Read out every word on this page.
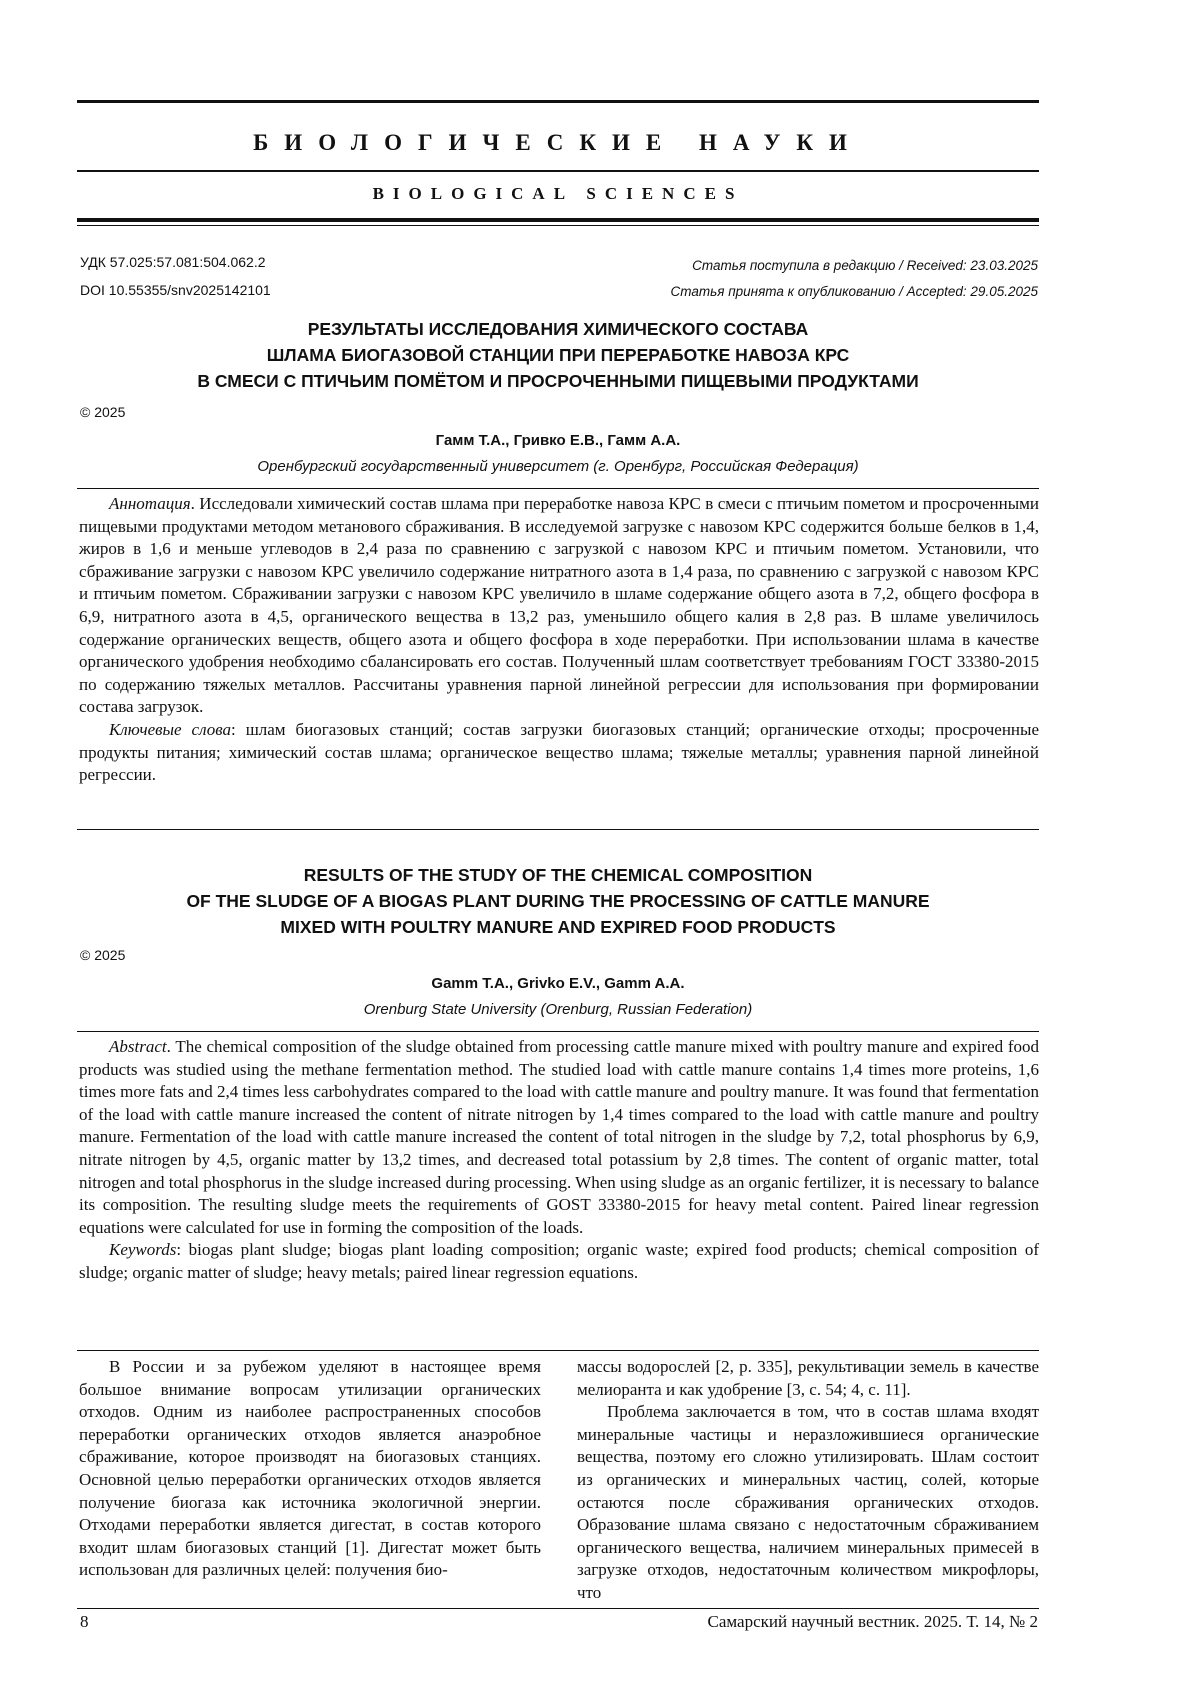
БИОЛОГИЧЕСКИЕ НАУКИ
BIOLOGICAL SCIENCES
УДК 57.025:57.081:504.062.2
DOI 10.55355/snv2025142101
Статья поступила в редакцию / Received: 23.03.2025
Статья принята к опубликованию / Accepted: 29.05.2025
РЕЗУЛЬТАТЫ ИССЛЕДОВАНИЯ ХИМИЧЕСКОГО СОСТАВА
ШЛАМА БИОГАЗОВОЙ СТАНЦИИ ПРИ ПЕРЕРАБОТКЕ НАВОЗА КРС
В СМЕСИ С ПТИЧЬИМ ПОМЁТОМ И ПРОСРОЧЕННЫМИ ПИЩЕВЫМИ ПРОДУКТАМИ
© 2025
Гамм Т.А., Гривко Е.В., Гамм А.А.
Оренбургский государственный университет (г. Оренбург, Российская Федерация)

Аннотация. Исследовали химический состав шлама при переработке навоза КРС в смеси с птичьим пометом и просроченными пищевыми продуктами методом метанового сбраживания. В исследуемой загрузке с навозом КРС содержится больше белков в 1,4, жиров в 1,6 и меньше углеводов в 2,4 раза по сравнению с загрузкой с навозом КРС и птичьим пометом. Установили, что сбраживание загрузки с навозом КРС увеличило содержание нитратного азота в 1,4 раза, по сравнению с загрузкой с навозом КРС и птичьим пометом. Сбраживании загрузки с навозом КРС увеличило в шламе содержание общего азота в 7,2, общего фосфора в 6,9, нитратного азота в 4,5, органического вещества в 13,2 раз, уменьшило общего калия в 2,8 раз. В шламе увеличилось содержание органических веществ, общего азота и общего фосфора в ходе переработки. При использовании шлама в качестве органического удобрения необходимо сбалансировать его состав. Полученный шлам соответствует требованиям ГОСТ 33380-2015 по содержанию тяжелых металлов. Рассчитаны уравнения парной линейной регрессии для использования при формировании состава загрузок.

Ключевые слова: шлам биогазовых станций; состав загрузки биогазовых станций; органические отходы; просроченные продукты питания; химический состав шлама; органическое вещество шлама; тяжелые металлы; уравнения парной линейной регрессии.

RESULTS OF THE STUDY OF THE CHEMICAL COMPOSITION
OF THE SLUDGE OF A BIOGAS PLANT DURING THE PROCESSING OF CATTLE MANURE
MIXED WITH POULTRY MANURE AND EXPIRED FOOD PRODUCTS
© 2025
Gamm T.A., Grivko E.V., Gamm A.A.
Orenburg State University (Orenburg, Russian Federation)

Abstract. The chemical composition of the sludge obtained from processing cattle manure mixed with poultry manure and expired food products was studied using the methane fermentation method. The studied load with cattle manure contains 1,4 times more proteins, 1,6 times more fats and 2,4 times less carbohydrates compared to the load with cattle manure and poultry manure. It was found that fermentation of the load with cattle manure increased the content of nitrate nitrogen by 1,4 times compared to the load with cattle manure and poultry manure. Fermentation of the load with cattle manure increased the content of total nitrogen in the sludge by 7,2, total phosphorus by 6,9, nitrate nitrogen by 4,5, organic matter by 13,2 times, and decreased total potassium by 2,8 times. The content of organic matter, total nitrogen and total phosphorus in the sludge increased during processing. When using sludge as an organic fertilizer, it is necessary to balance its composition. The resulting sludge meets the requirements of GOST 33380-2015 for heavy metal content. Paired linear regression equations were calculated for use in forming the composition of the loads.

Keywords: biogas plant sludge; biogas plant loading composition; organic waste; expired food products; chemical composition of sludge; organic matter of sludge; heavy metals; paired linear regression equations.

В России и за рубежом уделяют в настоящее время большое внимание вопросам утилизации органических отходов. Одним из наиболее распространенных способов переработки органических отходов является анаэробное сбраживание, которое производят на биогазовых станциях. Основной целью переработки органических отходов является получение биогаза как источника экологичной энергии. Отходами переработки является дигестат, в состав которого входит шлам биогазовых станций [1]. Дигестат может быть использован для различных целей: получения био-

массы водорослей [2, р. 335], рекультивации земель в качестве мелиоранта и как удобрение [3, с. 54; 4, с. 11].

Проблема заключается в том, что в состав шлама входят минеральные частицы и неразложившиеся органические вещества, поэтому его сложно утилизировать. Шлам состоит из органических и минеральных частиц, солей, которые остаются после сбраживания органических отходов. Образование шлама связано с недостаточным сбраживанием органического вещества, наличием минеральных примесей в загрузке отходов, недостаточным количеством микрофлоры, что

8	Самарский научный вестник. 2025. Т. 14, № 2
